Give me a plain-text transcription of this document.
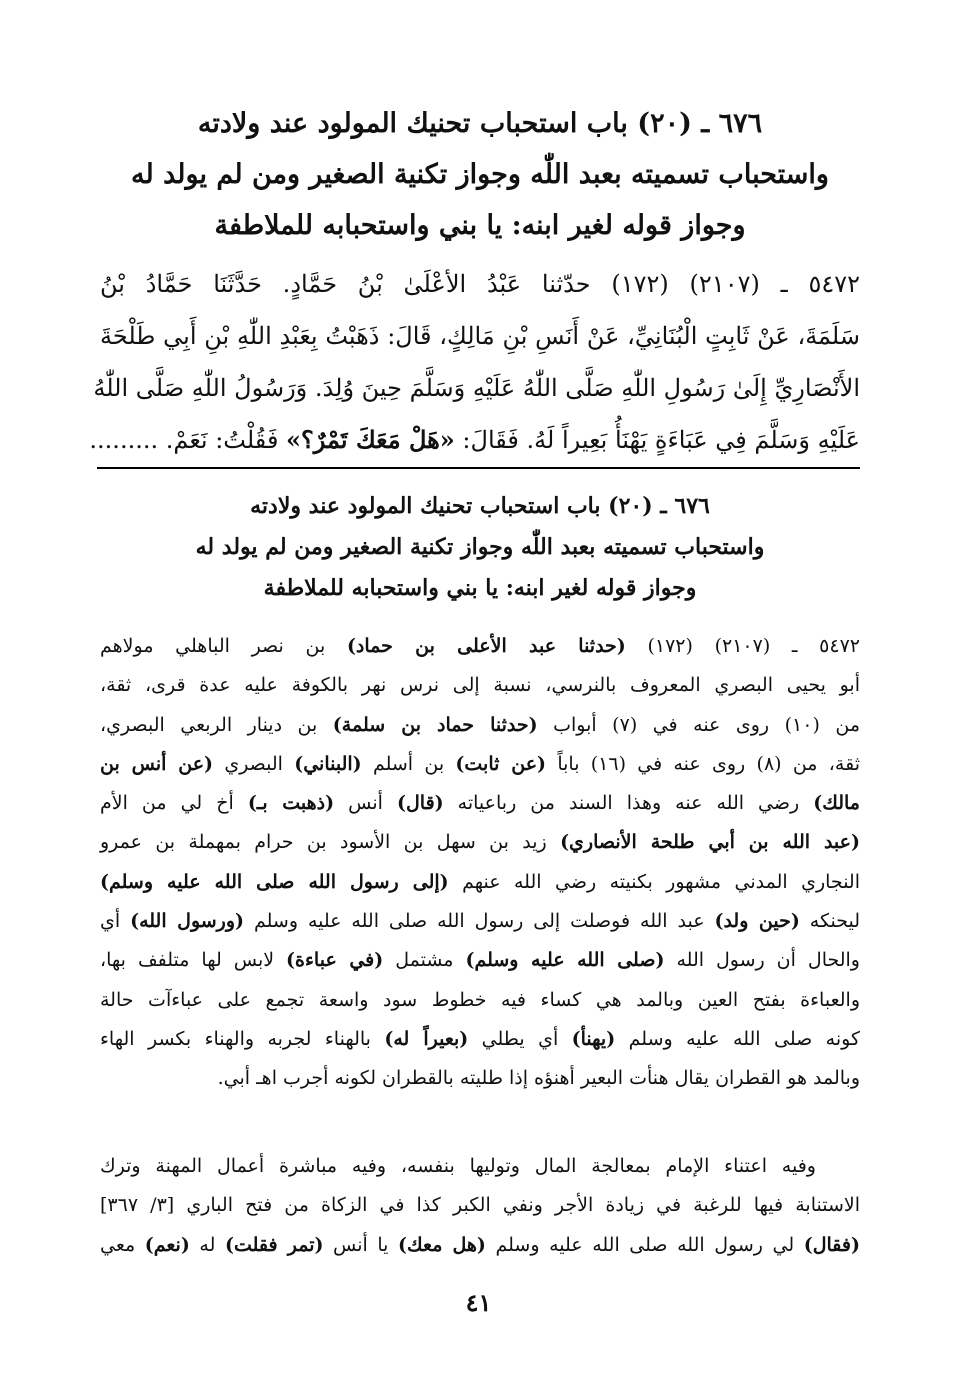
٦٧٦ ـ (٢٠) باب استحباب تحنيك المولود عند ولادته
واستحباب تسميته بعبد اللّٰه وجواز تكنية الصغير ومن لم يولد له
وجواز قوله لغير ابنه: يا بني واستحبابه للملاطفة
٥٤٧٢ ـ (٢١٠٧) (١٧٢) حدّثنا عَبْدُ الأعْلَىٰ بْنُ حَمَّادٍ. حَدَّثَنَا حَمَّادُ بْنُ
سَلَمَةَ، عَنْ ثَابِتٍ الْبُنَانِيِّ، عَنْ أَنَسِ بْنِ مَالِكٍ، قَالَ: ذَهَبْتُ بِعَبْدِ اللّٰهِ بْنِ أَبِي طَلْحَةَ
الأَنْصَارِيِّ إِلَىٰ رَسُولِ اللّٰهِ صَلَّى اللّٰهُ عَلَيْهِ وَسَلَّمَ حِينَ وُلِدَ. وَرَسُولُ اللّٰهِ صَلَّى اللّٰهُ
عَلَيْهِ وَسَلَّمَ فِي عَبَاءَةٍ يَهْنَأُ بَعِيراً لَهُ. فَقَالَ: «هَلْ مَعَكَ تَمْرٌ؟» فَقُلْتُ: نَعَمْ. .........
٦٧٦ ـ (٢٠) باب استحباب تحنيك المولود عند ولادته
واستحباب تسميته بعبد اللّٰه وجواز تكنية الصغير ومن لم يولد له
وجواز قوله لغير ابنه: يا بني واستحبابه للملاطفة
٥٤٧٢ ـ (٢١٠٧) (١٧٢) (حدثنا عبد الأعلى بن حماد) بن نصر الباهلي مولاهم
أبو يحيى البصري المعروف بالنرسي، نسبة إلى نرس نهر بالكوفة عليه عدة قرى، ثقة،
من (١٠) روى عنه في (٧) أبواب (حدثنا حماد بن سلمة) بن دينار الربعي البصري،
ثقة، من (٨) روى عنه في (١٦) باباً (عن ثابت) بن أسلم (البناني) البصري (عن أنس بن
مالك) رضي الله عنه وهذا السند من رباعياته (قال) أنس (ذهبت بـ) أخ لي من الأم
(عبد الله بن أبي طلحة الأنصاري) زيد بن سهل بن الأسود بن حرام بمهملة بن عمرو
النجاري المدني مشهور بكنيته رضي الله عنهم (إلى رسول الله صلى الله عليه وسلم)
ليحنكه (حين ولد) عبد الله فوصلت إلى رسول الله صلى الله عليه وسلم (ورسول الله) أي
والحال أن رسول الله (صلى الله عليه وسلم) مشتمل (في عباءة) لابس لها متلفف بها،
والعباءة بفتح العين وبالمد هي كساء فيه خطوط سود واسعة تجمع على عباءآت حالة
كونه صلى الله عليه وسلم (يهنأ) أي يطلي (بعيراً له) بالهناء لجربه والهناء بكسر الهاء
وبالمد هو القطران يقال هنأت البعير أهنؤه إذا طليته بالقطران لكونه أجرب اهـ أبي.
وفيه اعتناء الإمام بمعالجة المال وتوليها بنفسه، وفيه مباشرة أعمال المهنة وترك
الاستنابة فيها للرغبة في زيادة الأجر ونفي الكبر كذا في الزكاة من فتح الباري [٣/ ٣٦٧]
(فقال) لي رسول الله صلى الله عليه وسلم (هل معك) يا أنس (تمر فقلت) له (نعم) معي
٤١
